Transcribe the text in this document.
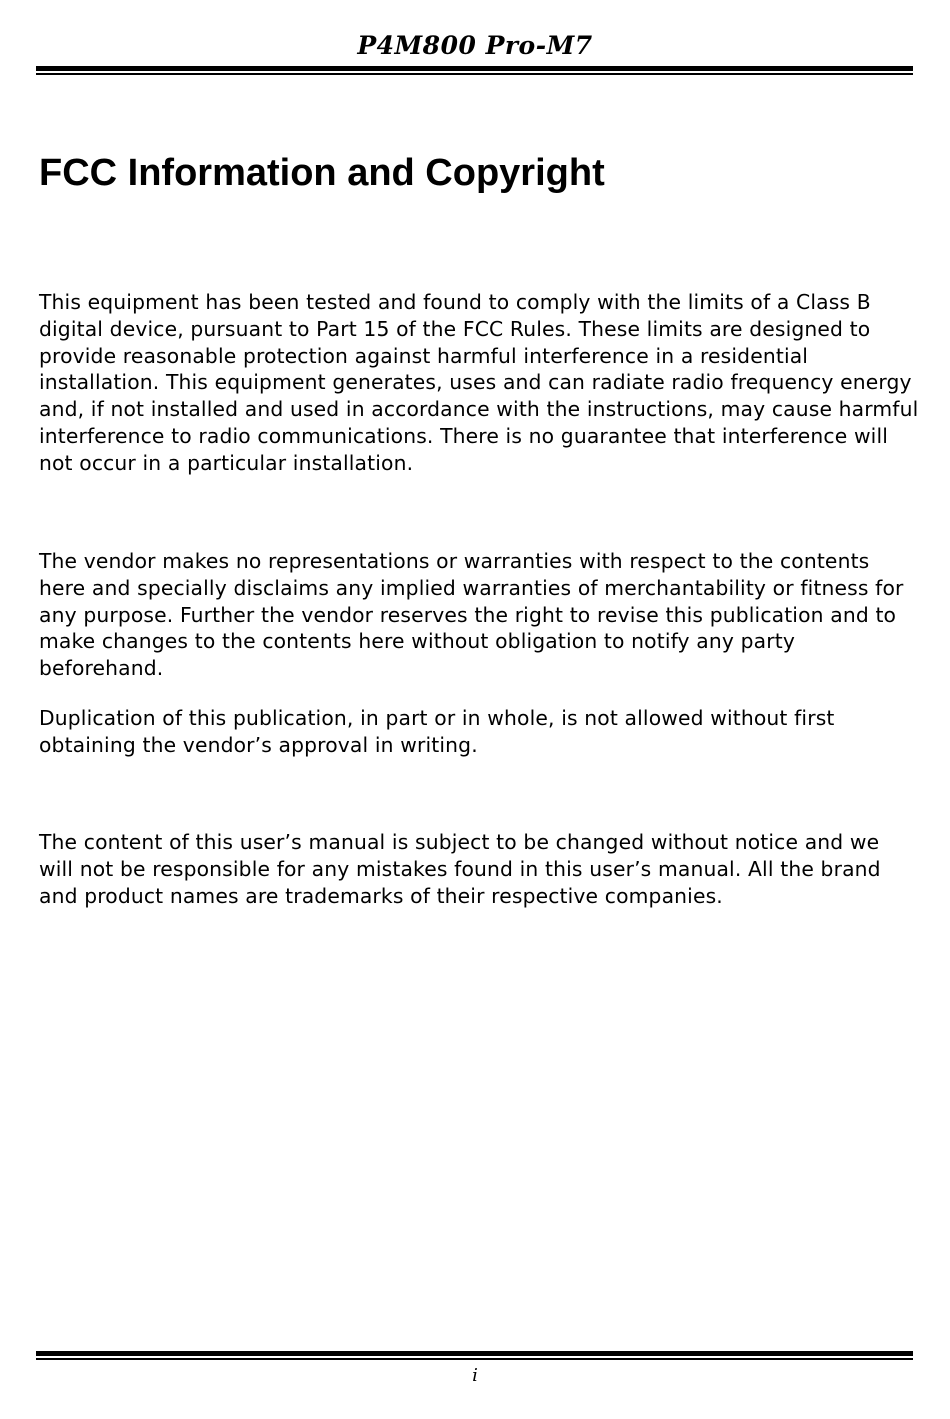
P4M800 Pro-M7
FCC Information and Copyright

This equipment has been tested and found to comply with the limits of a Class B digital device, pursuant to Part 15 of the FCC Rules. These limits are designed to provide reasonable protection against harmful interference in a residential installation. This equipment generates, uses and can radiate radio frequency energy and, if not installed and used in accordance with the instructions, may cause harmful interference to radio communications. There is no guarantee that interference will not occur in a particular installation.

The vendor makes no representations or warranties with respect to the contents here and specially disclaims any implied warranties of merchantability or fitness for any purpose. Further the vendor reserves the right to revise this publication and to make changes to the contents here without obligation to notify any party beforehand.

Duplication of this publication, in part or in whole, is not allowed without first obtaining the vendor’s approval in writing.

The content of this user’s manual is subject to be changed without notice and we will not be responsible for any mistakes found in this user’s manual. All the brand and product names are trademarks of their respective companies.

i
